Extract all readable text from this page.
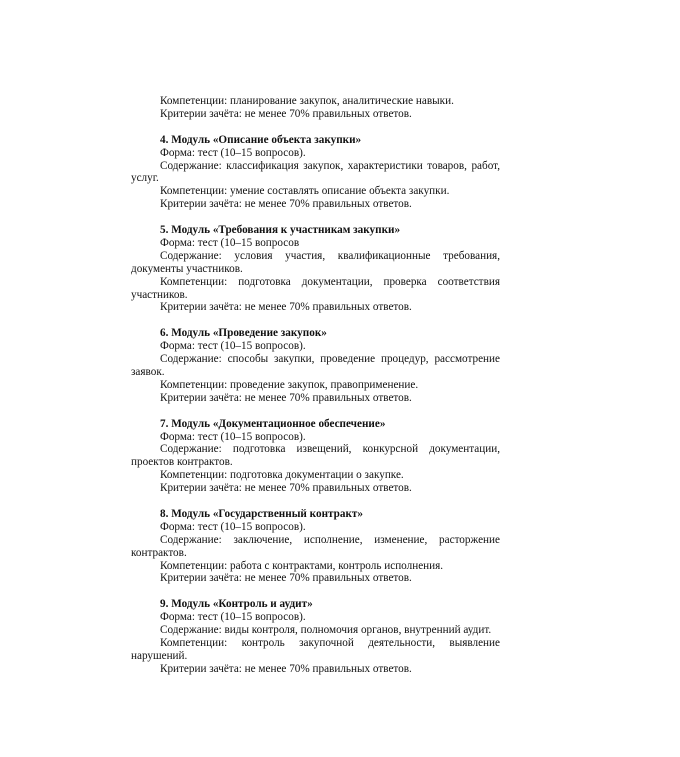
Компетенции: планирование закупок, аналитические навыки.

Критерии зачёта: не менее 70% правильных ответов.

4. Модуль «Описание объекта закупки»

Форма: тест (10–15 вопросов).

Содержание: классификация закупок, характеристики товаров, работ, услуг.

Компетенции: умение составлять описание объекта закупки.

Критерии зачёта: не менее 70% правильных ответов.

5. Модуль «Требования к участникам закупки»

Форма: тест (10–15 вопросов

Содержание: условия участия, квалификационные требования, документы участников.

Компетенции: подготовка документации, проверка соответствия участников.

Критерии зачёта: не менее 70% правильных ответов.

6. Модуль «Проведение закупок»

Форма: тест (10–15 вопросов).

Содержание: способы закупки, проведение процедур, рассмотрение заявок.

Компетенции: проведение закупок, правоприменение.

Критерии зачёта: не менее 70% правильных ответов.

7. Модуль «Документационное обеспечение»

Форма: тест (10–15 вопросов).

Содержание: подготовка извещений, конкурсной документации, проектов контрактов.

Компетенции: подготовка документации о закупке.

Критерии зачёта: не менее 70% правильных ответов.

8. Модуль «Государственный контракт»

Форма: тест (10–15 вопросов).

Содержание: заключение, исполнение, изменение, расторжение контрактов.

Компетенции: работа с контрактами, контроль исполнения.

Критерии зачёта: не менее 70% правильных ответов.

9. Модуль «Контроль и аудит»

Форма: тест (10–15 вопросов).

Содержание: виды контроля, полномочия органов, внутренний аудит.

Компетенции: контроль закупочной деятельности, выявление нарушений.

Критерии зачёта: не менее 70% правильных ответов.
